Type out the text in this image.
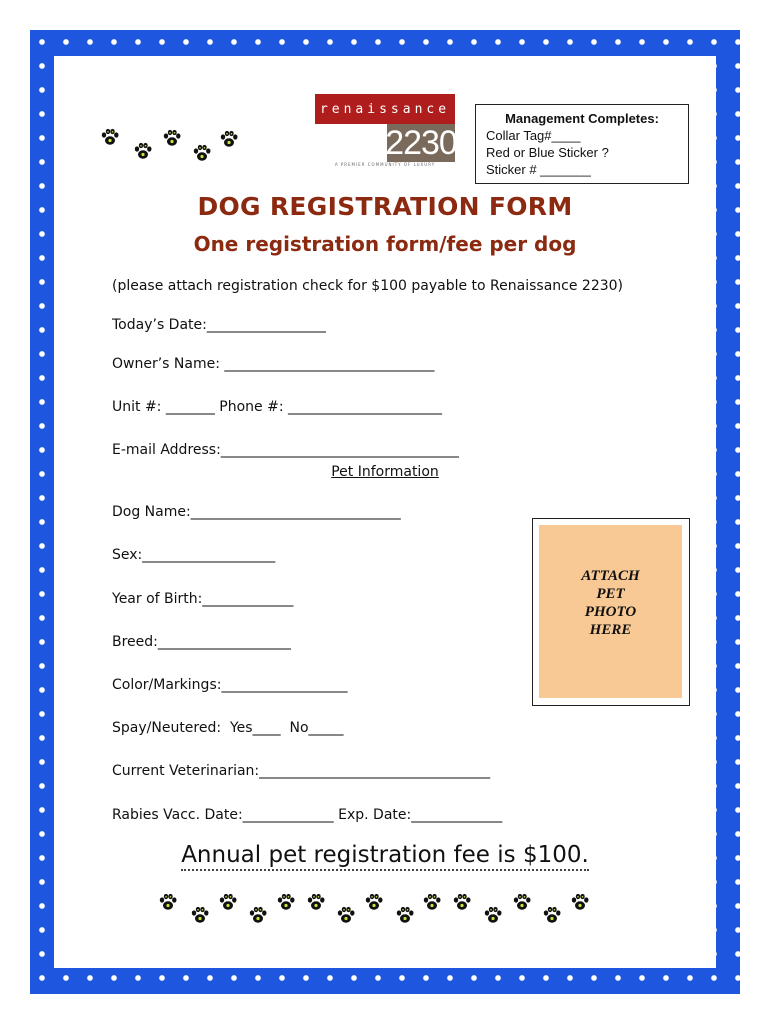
renaissance
2230
A PREMIER COMMUNITY OF LUXURY
Management Completes:
Collar Tag#____
Red or Blue Sticker ?
Sticker # _______
DOG REGISTRATION FORM
One registration form/fee per dog
(please attach registration check for $100 payable to Renaissance 2230)
Today’s Date:_________________
Owner’s Name: ______________________________
Unit #: _______ Phone #: ______________________
E-mail Address:__________________________________
Pet Information
Dog Name:______________________________
Sex:___________________
Year of Birth:_____________
Breed:___________________
Color/Markings:__________________
Spay/Neutered:  Yes____  No_____
Current Veterinarian:_________________________________
Rabies Vacc. Date:_____________ Exp. Date:_____________
ATTACH
PET
PHOTO
HERE
Annual pet registration fee is $100.
